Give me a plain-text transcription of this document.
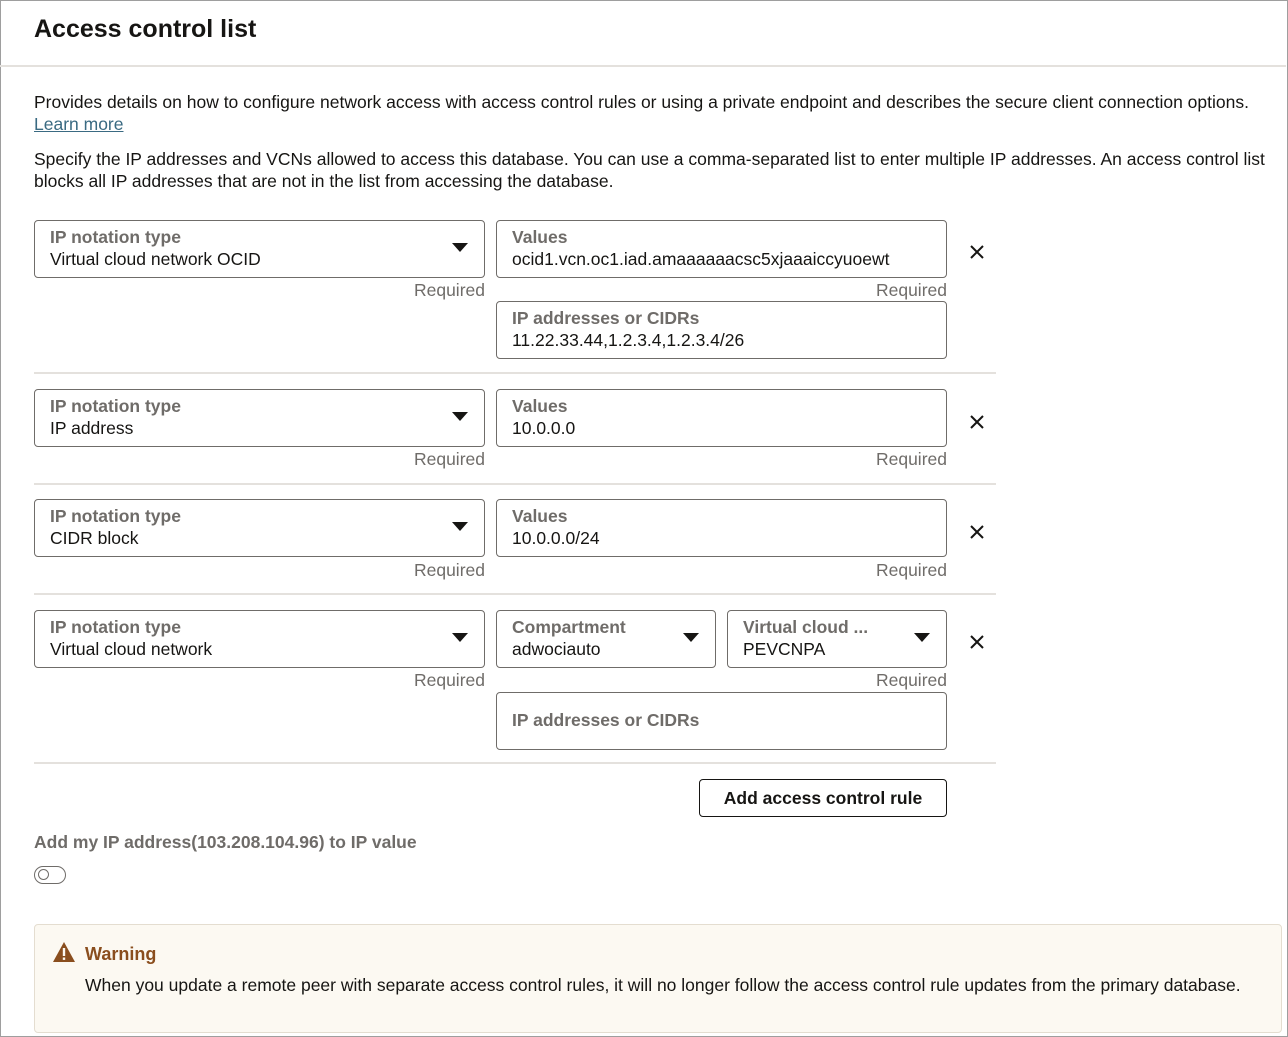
Access control list
Provides details on how to configure network access with access control rules or using a private endpoint and describes the secure client connection options. Learn more
Specify the IP addresses and VCNs allowed to access this database. You can use a comma-separated list to enter multiple IP addresses. An access control list blocks all IP addresses that are not in the list from accessing the database.
IP notation type
Virtual cloud network OCID
Required
Values
ocid1.vcn.oc1.iad.amaaaaaacsc5xjaaaiccyuoewt
Required
IP addresses or CIDRs
11.22.33.44,1.2.3.4,1.2.3.4/26
IP notation type
IP address
Required
Values
10.0.0.0
Required
IP notation type
CIDR block
Required
Values
10.0.0.0/24
Required
IP notation type
Virtual cloud network
Required
Compartment
adwociauto
Virtual cloud ...
PEVCNPA
Required
IP addresses or CIDRs
Add access control rule
Add my IP address(103.208.104.96) to IP value
Warning
When you update a remote peer with separate access control rules, it will no longer follow the access control rule updates from the primary database.
